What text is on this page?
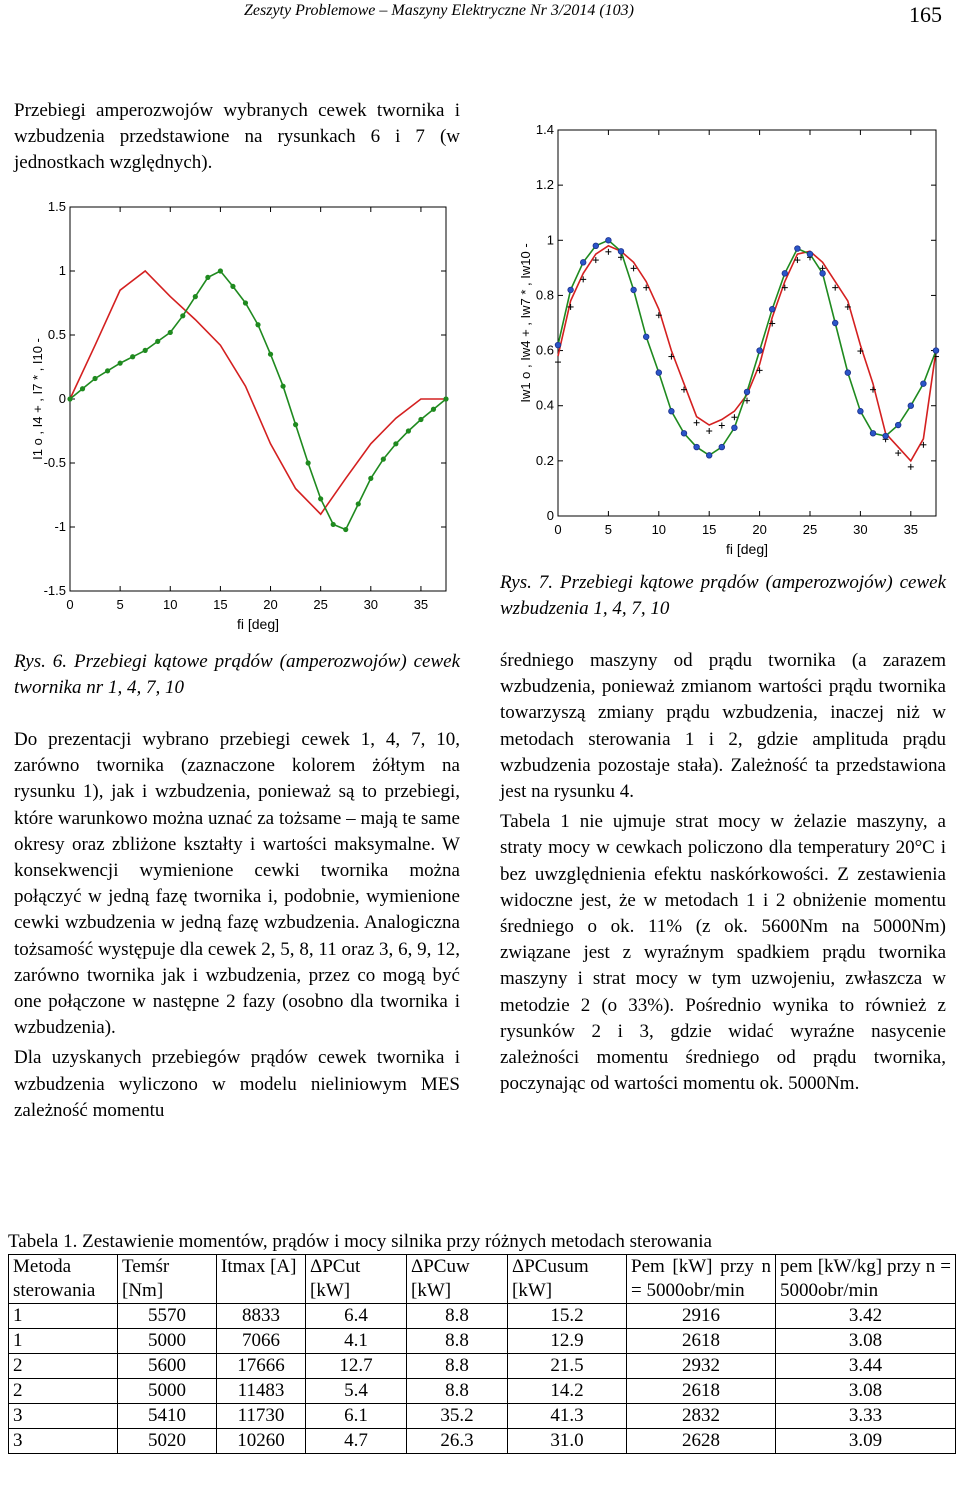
Zeszyty Problemowe – Maszyny Elektryczne Nr 3/2014 (103)	165

Przebiegi amperozwojów wybranych cewek twornika i wzbudzenia przedstawione na rysunkach 6 i 7 (w jednostkach względnych).

0	5	10	15	20	25	30	35
-1.5
-1
-0.5
0
0.5
1
1.5
fi [deg]
I1 o , I4 + , I7 * , I10 -
Rys. 6. Przebiegi kątowe prądów (amperozwojów) cewek twornika nr 1, 4, 7, 10

Do prezentacji wybrano przebiegi cewek 1, 4, 7, 10, zarówno twornika (zaznaczone kolorem żółtym na rysunku 1), jak i wzbudzenia, ponieważ są to przebiegi, które warunkowo można uznać za tożsame – mają te same okresy oraz zbliżone kształty i wartości maksymalne. W konsekwencji wymienione cewki twornika można połączyć w jedną fazę twornika i, podobnie, wymienione cewki wzbudzenia w jedną fazę wzbudzenia. Analogiczna tożsamość występuje dla cewek 2, 5, 8, 11 oraz 3, 6, 9, 12, zarówno twornika jak i wzbudzenia, przez co mogą być one połączone w następne 2 fazy (osobno dla twornika i wzbudzenia).

Dla uzyskanych przebiegów prądów cewek twornika i wzbudzenia wyliczono w modelu nieliniowym MES zależność momentu

0	5	10	15	20	25	30	35
0
0.2
0.4
0.6
0.8
1
1.2
1.4
fi [deg]
Iw1 o , Iw4 + , Iw7 * , Iw10 -
Rys. 7. Przebiegi kątowe prądów (amperozwojów) cewek wzbudzenia 1, 4, 7, 10

średniego maszyny od prądu twornika (a zarazem wzbudzenia, ponieważ zmianom wartości prądu twornika towarzyszą zmiany prądu wzbudzenia, inaczej niż w metodach sterowania 1 i 2, gdzie amplituda prądu wzbudzenia pozostaje stała). Zależność ta przedstawiona jest na rysunku 4.

Tabela 1 nie ujmuje strat mocy w żelazie maszyny, a straty mocy w cewkach policzono dla temperatury 20°C i bez uwzględnienia efektu naskórkowości. Z zestawienia widoczne jest, że w metodach 1 i 2 obniżenie momentu średniego o ok. 11% (z ok. 5600Nm na 5000Nm) związane jest z wyraźnym spadkiem prądu twornika maszyny i strat mocy w tym uzwojeniu, zwłaszcza w metodzie 2 (o 33%). Pośrednio wynika to również z rysunków 2 i 3, gdzie widać wyraźne nasycenie zależności momentu średniego od prądu twornika, poczynając od wartości momentu ok. 5000Nm.

Tabela 1. Zestawienie momentów, prądów i mocy silnika przy różnych metodach sterowania
Metoda sterowania	Temśr [Nm]	Itmax [A]	ΔPCut [kW]	ΔPCuw [kW]	ΔPCusum [kW]	Pem [kW] przy n = 5000obr/min	pem [kW/kg] przy n = 5000obr/min
1	5570	8833	6.4	8.8	15.2	2916	3.42
1	5000	7066	4.1	8.8	12.9	2618	3.08
2	5600	17666	12.7	8.8	21.5	2932	3.44
2	5000	11483	5.4	8.8	14.2	2618	3.08
3	5410	11730	6.1	35.2	41.3	2832	3.33
3	5020	10260	4.7	26.3	31.0	2628	3.09
